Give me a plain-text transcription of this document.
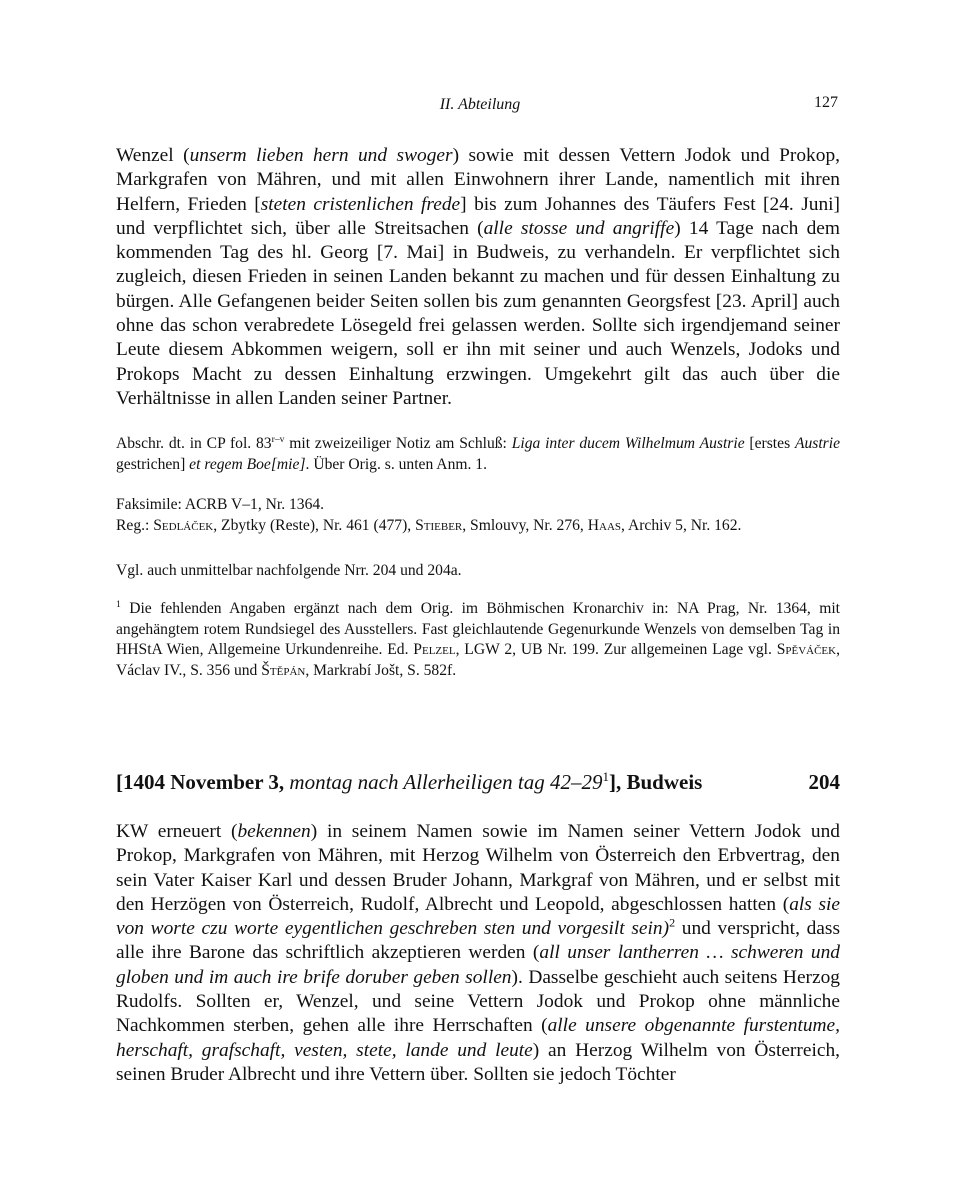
II. Abteilung	127

Wenzel (unserm lieben hern und swoger) sowie mit dessen Vettern Jodok und Prokop, Markgrafen von Mähren, und mit allen Einwohnern ihrer Lande, namentlich mit ihren Helfern, Frieden [steten cristenlichen frede] bis zum Johannes des Täufers Fest [24. Juni] und verpflichtet sich, über alle Streitsachen (alle stosse und angriffe) 14 Tage nach dem kommenden Tag des hl. Georg [7. Mai] in Budweis, zu verhandeln. Er verpflichtet sich zugleich, diesen Frieden in seinen Landen bekannt zu machen und für dessen Einhaltung zu bürgen. Alle Gefangenen beider Seiten sollen bis zum genannten Georgsfest [23. April] auch ohne das schon verabredete Lösegeld frei gelassen werden. Sollte sich irgendjemand seiner Leute diesem Abkommen weigern, soll er ihn mit seiner und auch Wenzels, Jodoks und Prokops Macht zu dessen Einhaltung erzwingen. Umgekehrt gilt das auch über die Verhältnisse in allen Landen seiner Partner.

Abschr. dt. in CP fol. 83$^{r-v}$ mit zweizeiliger Notiz am Schluß: Liga inter ducem Wilhelmum Austrie [erstes Austrie gestrichen] et regem Boe[mie]. Über Orig. s. unten Anm. 1.

Faksimile: ACRB V–1, Nr. 1364.

Reg.: Sedláček, Zbytky (Reste), Nr. 461 (477), Stieber, Smlouvy, Nr. 276, Haas, Archiv 5, Nr. 162.

Vgl. auch unmittelbar nachfolgende Nrr. 204 und 204a.

$^1$ Die fehlenden Angaben ergänzt nach dem Orig. im Böhmischen Kronarchiv in: NA Prag, Nr. 1364, mit angehängtem rotem Rundsiegel des Ausstellers. Fast gleichlautende Gegenurkunde Wenzels von demselben Tag in HHStA Wien, Allgemeine Urkundenreihe. Ed. Pelzel, LGW 2, UB Nr. 199. Zur allgemeinen Lage vgl. Spěváček, Václav IV., S. 356 und Štěpán, Markrabí Jošt, S. 582f.

[1404 November 3, montag nach Allerheiligen tag $42-29^1$], Budweis	204

KW erneuert (bekennen) in seinem Namen sowie im Namen seiner Vettern Jodok und Prokop, Markgrafen von Mähren, mit Herzog Wilhelm von Österreich den Erbvertrag, den sein Vater Kaiser Karl und dessen Bruder Johann, Markgraf von Mähren, und er selbst mit den Herzögen von Österreich, Rudolf, Albrecht und Leopold, abgeschlossen hatten (als sie von worte czu worte eygentlichen geschreben sten und vorgesilt sein)$^2$ und verspricht, dass alle ihre Barone das schriftlich akzeptieren werden (all unser lantherren … schweren und globen und im auch ire brife doruber geben sollen). Dasselbe geschieht auch seitens Herzog Rudolfs. Sollten er, Wenzel, und seine Vettern Jodok und Prokop ohne männliche Nachkommen sterben, gehen alle ihre Herrschaften (alle unsere obgenannte furstentume, herschaft, grafschaft, vesten, stete, lande und leute) an Herzog Wilhelm von Österreich, seinen Bruder Albrecht und ihre Vettern über. Sollten sie jedoch Töchter
